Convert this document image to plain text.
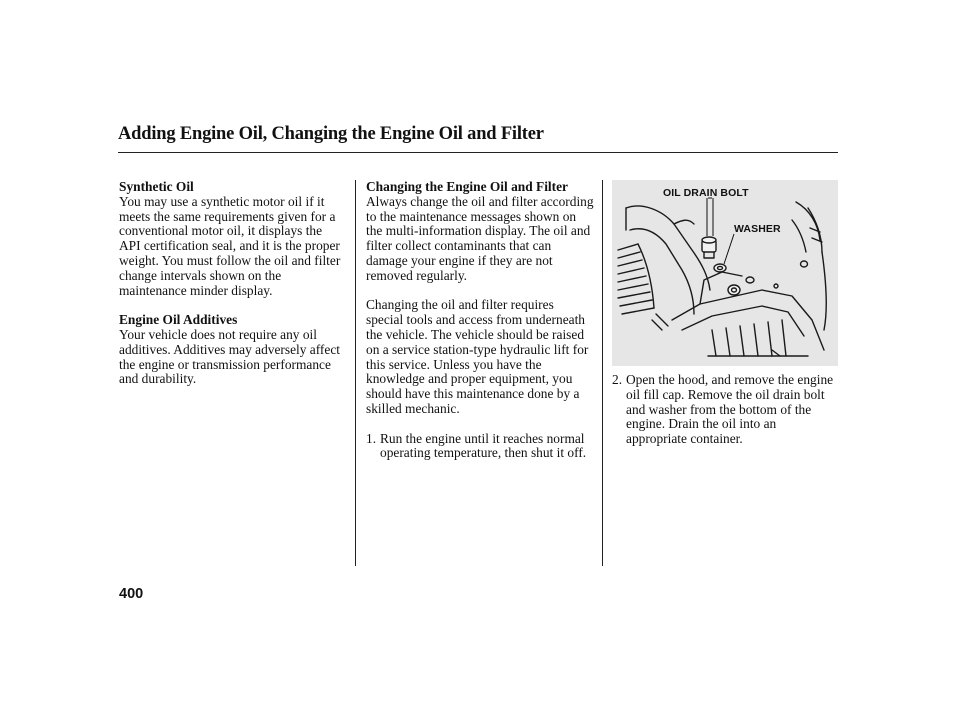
Adding Engine Oil, Changing the Engine Oil and Filter
Synthetic Oil
You may use a synthetic motor oil if it meets the same requirements given for a conventional motor oil, it displays the API certification seal, and it is the proper weight. You must follow the oil and filter change intervals shown on the maintenance minder display.
Engine Oil Additives
Your vehicle does not require any oil additives. Additives may adversely affect the engine or transmission performance and durability.
Changing the Engine Oil and Filter
Always change the oil and filter according to the maintenance messages shown on the multi-information display. The oil and filter collect contaminants that can damage your engine if they are not removed regularly.
Changing the oil and filter requires special tools and access from underneath the vehicle. The vehicle should be raised on a service station-type hydraulic lift for this service. Unless you have the knowledge and proper equipment, you should have this maintenance done by a skilled mechanic.
1. Run the engine until it reaches normal operating temperature, then shut it off.
OIL DRAIN BOLT
WASHER
2. Open the hood, and remove the engine oil fill cap. Remove the oil drain bolt and washer from the bottom of the engine. Drain the oil into an appropriate container.
400
